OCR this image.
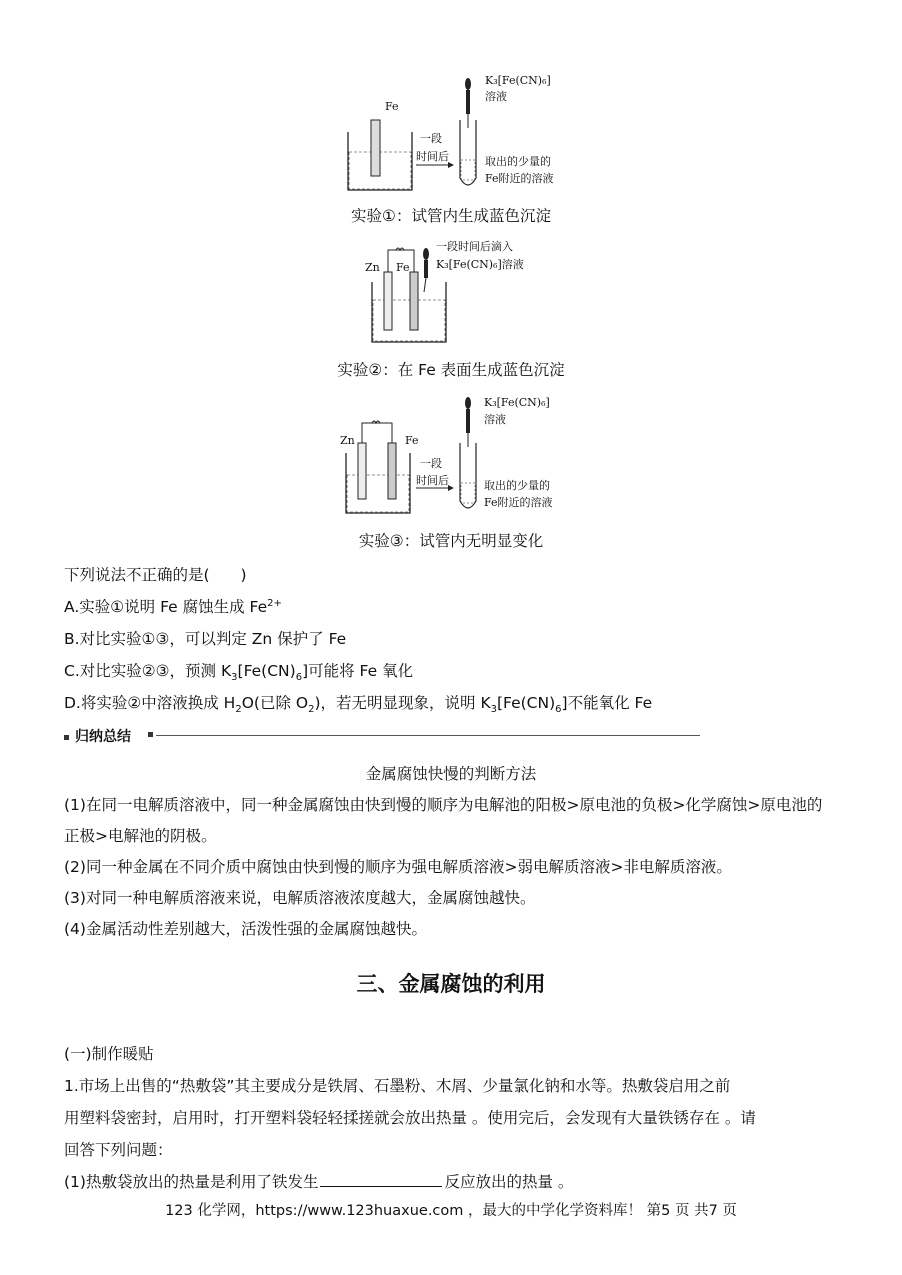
Fe
一段
时间后
K₃[Fe(CN)₆]
溶液
取出的少量的
Fe附近的溶液
实验①：试管内生成蓝色沉淀
Zn Fe
一段时间后滴入
K₃[Fe(CN)₆]溶液
实验②：在 Fe 表面生成蓝色沉淀
Zn	Fe
一段
时间后
K₃[Fe(CN)₆]
溶液
取出的少量的
Fe附近的溶液
实验③：试管内无明显变化
下列说法不正确的是(　　)
A.实验①说明 Fe 腐蚀生成 $Fe^{2+}$
B.对比实验①③，可以判定 Zn 保护了 Fe
C.对比实验②③，预测 $K_3[Fe(CN)_6]$可能将 Fe 氧化
D.将实验②中溶液换成 $H_2O$(已除 $O_2$)，若无明显现象，说明 $K_3[Fe(CN)_6]$不能氧化 Fe
归纳总结
金属腐蚀快慢的判断方法
(1)在同一电解质溶液中，同一种金属腐蚀由快到慢的顺序为电解池的阳极>原电池的负极>化学腐蚀>原电池的
正极>电解池的阴极。
(2)同一种金属在不同介质中腐蚀由快到慢的顺序为强电解质溶液>弱电解质溶液>非电解质溶液。
(3)对同一种电解质溶液来说，电解质溶液浓度越大，金属腐蚀越快。
(4)金属活动性差别越大，活泼性强的金属腐蚀越快。
三、金属腐蚀的利用
(一)制作暖贴
1.市场上出售的“热敷袋”其主要成分是铁屑、石墨粉、木屑、少量氯化钠和水等。热敷袋启用之前
用塑料袋密封，启用时，打开塑料袋轻轻揉搓就会放出热量 。使用完后，会发现有大量铁锈存在 。请
回答下列问题：
(1)热敷袋放出的热量是利用了铁发生	反应放出的热量 。
123 化学网，https://www.123huaxue.com ，最大的中学化学资料库！ 第5 页 共7 页
